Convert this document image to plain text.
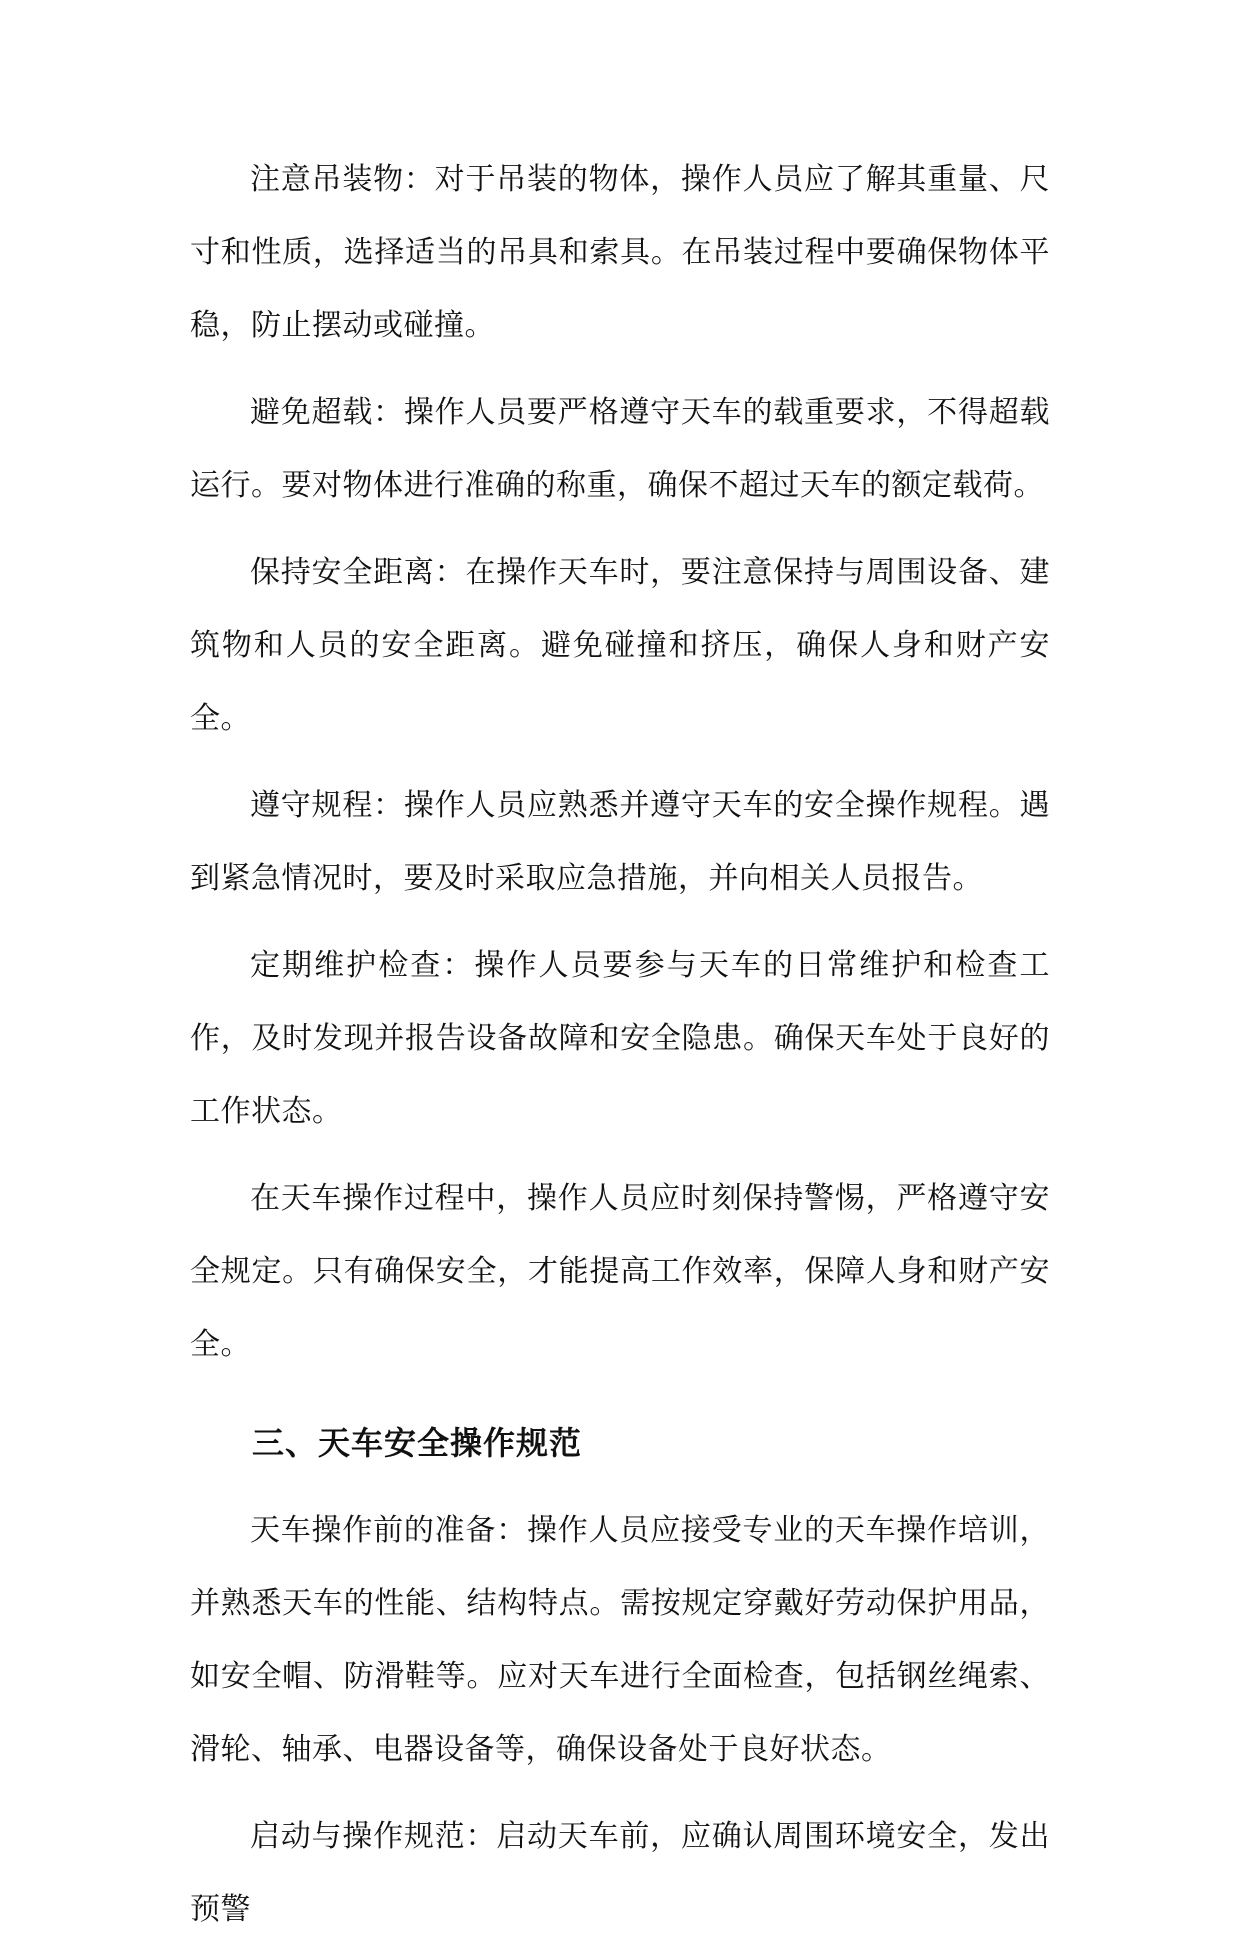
注意吊装物：对于吊装的物体，操作人员应了解其重量、尺寸和性质，选择适当的吊具和索具。在吊装过程中要确保物体平稳，防止摆动或碰撞。

避免超载：操作人员要严格遵守天车的载重要求，不得超载运行。要对物体进行准确的称重，确保不超过天车的额定载荷。

保持安全距离：在操作天车时，要注意保持与周围设备、建筑物和人员的安全距离。避免碰撞和挤压，确保人身和财产安全。

遵守规程：操作人员应熟悉并遵守天车的安全操作规程。遇到紧急情况时，要及时采取应急措施，并向相关人员报告。

定期维护检查：操作人员要参与天车的日常维护和检查工作，及时发现并报告设备故障和安全隐患。确保天车处于良好的工作状态。

在天车操作过程中，操作人员应时刻保持警惕，严格遵守安全规定。只有确保安全，才能提高工作效率，保障人身和财产安全。

三、天车安全操作规范

天车操作前的准备：操作人员应接受专业的天车操作培训，并熟悉天车的性能、结构特点。需按规定穿戴好劳动保护用品，如安全帽、防滑鞋等。应对天车进行全面检查，包括钢丝绳索、滑轮、轴承、电器设备等，确保设备处于良好状态。

启动与操作规范：启动天车前，应确认周围环境安全，发出预警
